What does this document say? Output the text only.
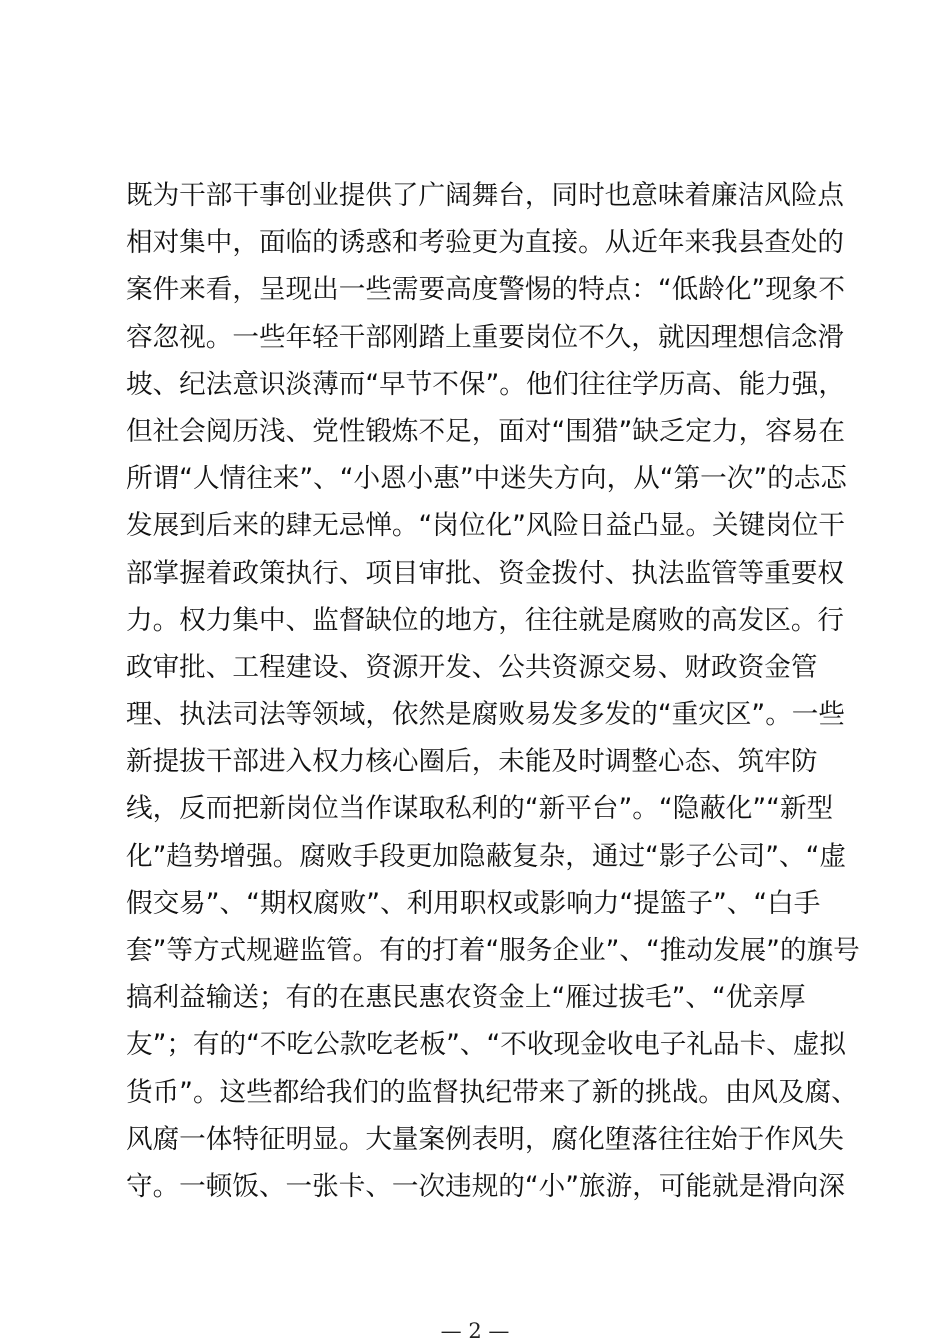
既为干部干事创业提供了广阔舞台，同时也意味着廉洁风险点
相对集中，面临的诱惑和考验更为直接。从近年来我县查处的
案件来看，呈现出一些需要高度警惕的特点：“低龄化”现象不
容忽视。一些年轻干部刚踏上重要岗位不久，就因理想信念滑
坡、纪法意识淡薄而“早节不保”。他们往往学历高、能力强，
但社会阅历浅、党性锻炼不足，面对“围猎”缺乏定力，容易在
所谓“人情往来”、“小恩小惠”中迷失方向，从“第一次”的忐忑
发展到后来的肆无忌惮。“岗位化”风险日益凸显。关键岗位干
部掌握着政策执行、项目审批、资金拨付、执法监管等重要权
力。权力集中、监督缺位的地方，往往就是腐败的高发区。行
政审批、工程建设、资源开发、公共资源交易、财政资金管
理、执法司法等领域，依然是腐败易发多发的“重灾区”。一些
新提拔干部进入权力核心圈后，未能及时调整心态、筑牢防
线，反而把新岗位当作谋取私利的“新平台”。“隐蔽化”“新型
化”趋势增强。腐败手段更加隐蔽复杂，通过“影子公司”、“虚
假交易”、“期权腐败”、利用职权或影响力“提篮子”、“白手
套”等方式规避监管。有的打着“服务企业”、“推动发展”的旗号
搞利益输送；有的在惠民惠农资金上“雁过拔毛”、“优亲厚
友”；有的“不吃公款吃老板”、“不收现金收电子礼品卡、虚拟
货币”。这些都给我们的监督执纪带来了新的挑战。由风及腐、
风腐一体特征明显。大量案例表明，腐化堕落往往始于作风失
守。一顿饭、一张卡、一次违规的“小”旅游，可能就是滑向深
— 2 —
